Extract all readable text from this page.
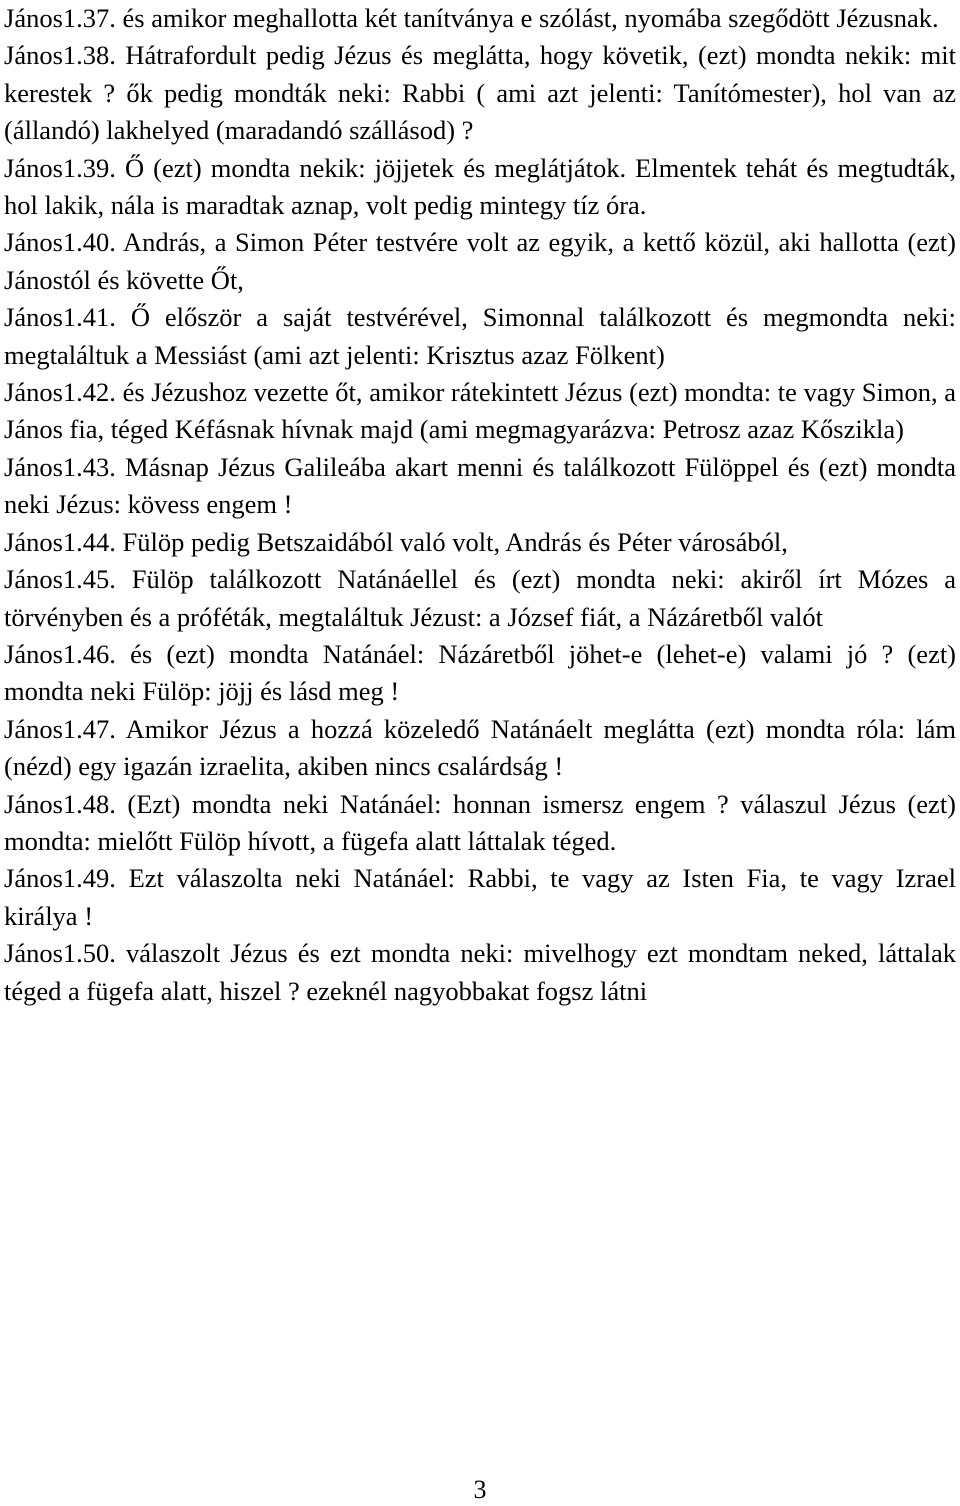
János1.37. és amikor meghallotta két tanítványa e szólást, nyomába szegődött Jézusnak.

János1.38. Hátrafordult pedig Jézus és meglátta, hogy követik, (ezt) mondta nekik: mit kerestek ? ők pedig mondták neki: Rabbi ( ami azt jelenti: Tanítómester), hol van az (állandó) lakhelyed (maradandó szállásod) ?

János1.39. Ő (ezt) mondta nekik: jöjjetek és meglátjátok. Elmentek tehát és megtudták, hol lakik, nála is maradtak aznap, volt pedig mintegy tíz óra.

János1.40. András, a Simon Péter testvére volt az egyik, a kettő közül, aki hallotta (ezt) Jánostól és követte Őt,

János1.41. Ő először a saját testvérével, Simonnal találkozott és megmondta neki: megtaláltuk a Messiást (ami azt jelenti: Krisztus azaz Fölkent)

János1.42. és Jézushoz vezette őt, amikor rátekintett Jézus (ezt) mondta: te vagy Simon, a János fia, téged Kéfásnak hívnak majd (ami megmagyarázva: Petrosz azaz Kőszikla)

János1.43. Másnap Jézus Galileába akart menni és találkozott Fülöppel és (ezt) mondta neki Jézus: kövess engem !

János1.44. Fülöp pedig Betszaidából való volt, András és Péter városából,

János1.45. Fülöp találkozott Natánáellel és (ezt) mondta neki: akiről írt Mózes a törvényben és a próféták, megtaláltuk Jézust: a József fiát, a Názáretből valót

János1.46. és (ezt) mondta Natánáel: Názáretből jöhet-e (lehet-e) valami jó ? (ezt) mondta neki Fülöp: jöjj és lásd meg !

János1.47. Amikor Jézus a hozzá közeledő Natánáelt meglátta (ezt) mondta róla: lám (nézd) egy igazán izraelita, akiben nincs csalárdság !

János1.48. (Ezt) mondta neki Natánáel: honnan ismersz engem ? válaszul Jézus (ezt) mondta: mielőtt Fülöp hívott, a fügefa alatt láttalak téged.

János1.49. Ezt válaszolta neki Natánáel: Rabbi, te vagy az Isten Fia, te vagy Izrael királya !

János1.50. válaszolt Jézus és ezt mondta neki: mivelhogy ezt mondtam neked, láttalak téged a fügefa alatt, hiszel ? ezeknél nagyobbakat fogsz látni

3
